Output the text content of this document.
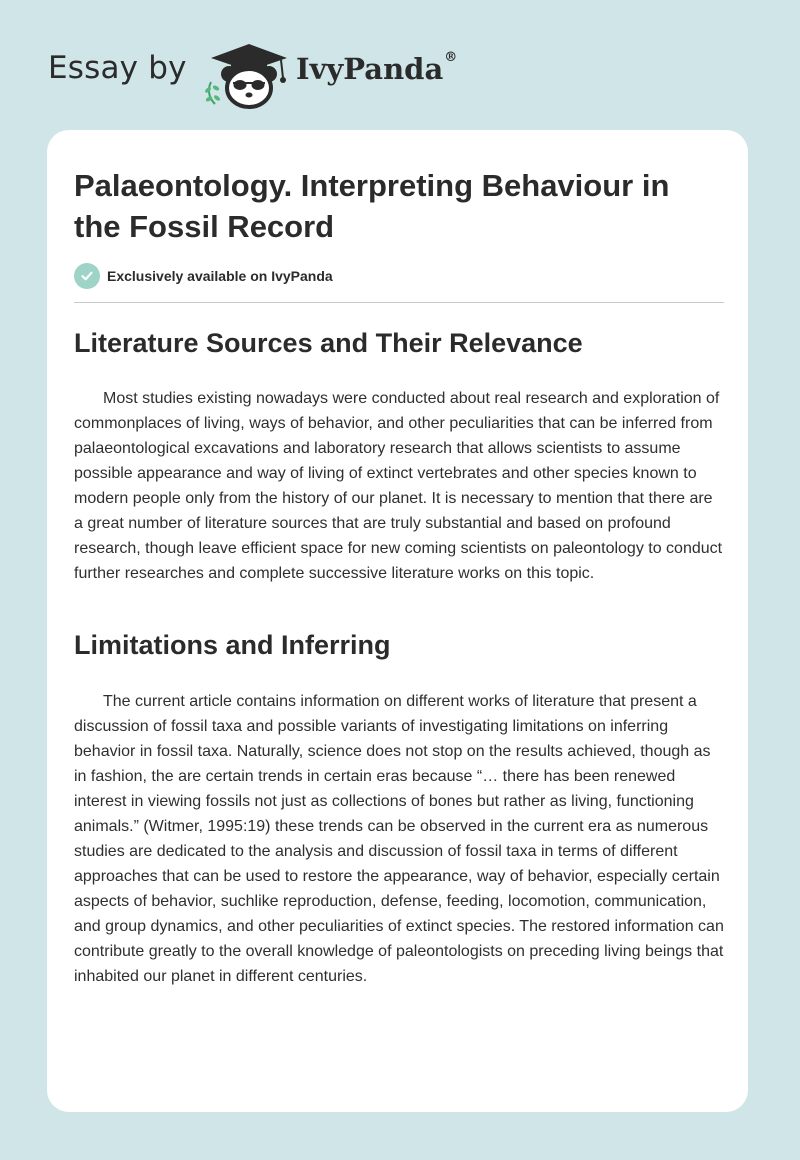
Essay by	IvyPanda®
Palaeontology. Interpreting Behaviour in the Fossil Record
Exclusively available on IvyPanda
Literature Sources and Their Relevance

Most studies existing nowadays were conducted about real research and exploration of commonplaces of living, ways of behavior, and other peculiarities that can be inferred from palaeontological excavations and laboratory research that allows scientists to assume possible appearance and way of living of extinct vertebrates and other species known to modern people only from the history of our planet. It is necessary to mention that there are a great number of literature sources that are truly substantial and based on profound research, though leave efficient space for new coming scientists on paleontology to conduct further researches and complete successive literature works on this topic.

Limitations and Inferring

The current article contains information on different works of literature that present a discussion of fossil taxa and possible variants of investigating limitations on inferring behavior in fossil taxa. Naturally, science does not stop on the results achieved, though as in fashion, the are certain trends in certain eras because “… there has been renewed interest in viewing fossils not just as collections of bones but rather as living, functioning animals.” (Witmer, 1995:19) these trends can be observed in the current era as numerous studies are dedicated to the analysis and discussion of fossil taxa in terms of different approaches that can be used to restore the appearance, way of behavior, especially certain aspects of behavior, suchlike reproduction, defense, feeding, locomotion, communication, and group dynamics, and other peculiarities of extinct species. The restored information can contribute greatly to the overall knowledge of paleontologists on preceding living beings that inhabited our planet in different centuries.
